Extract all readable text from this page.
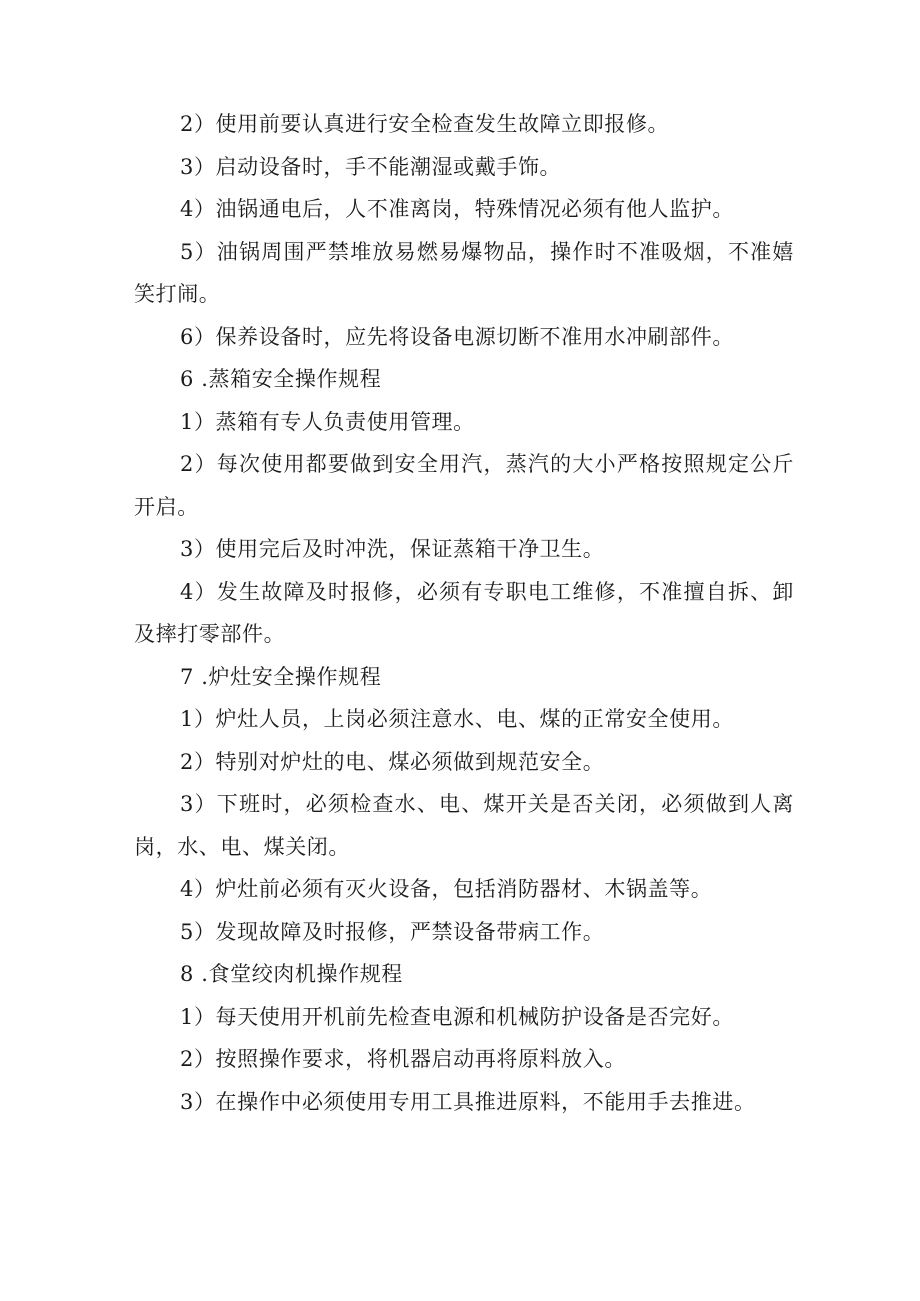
2）使用前要认真进行安全检查发生故障立即报修。

3）启动设备时，手不能潮湿或戴手饰。

4）油锅通电后，人不准离岗，特殊情况必须有他人监护。

5）油锅周围严禁堆放易燃易爆物品，操作时不准吸烟，不准嬉笑打闹。

6）保养设备时，应先将设备电源切断不准用水冲刷部件。

6 .蒸箱安全操作规程

1）蒸箱有专人负责使用管理。

2）每次使用都要做到安全用汽，蒸汽的大小严格按照规定公斤开启。

3）使用完后及时冲洗，保证蒸箱干净卫生。

4）发生故障及时报修，必须有专职电工维修，不准擅自拆、卸及摔打零部件。

7 .炉灶安全操作规程

1）炉灶人员，上岗必须注意水、电、煤的正常安全使用。

2）特别对炉灶的电、煤必须做到规范安全。

3）下班时，必须检查水、电、煤开关是否关闭，必须做到人离岗，水、电、煤关闭。

4）炉灶前必须有灭火设备，包括消防器材、木锅盖等。

5）发现故障及时报修，严禁设备带病工作。

8 .食堂绞肉机操作规程

1）每天使用开机前先检查电源和机械防护设备是否完好。

2）按照操作要求，将机器启动再将原料放入。

3）在操作中必须使用专用工具推进原料，不能用手去推进。
